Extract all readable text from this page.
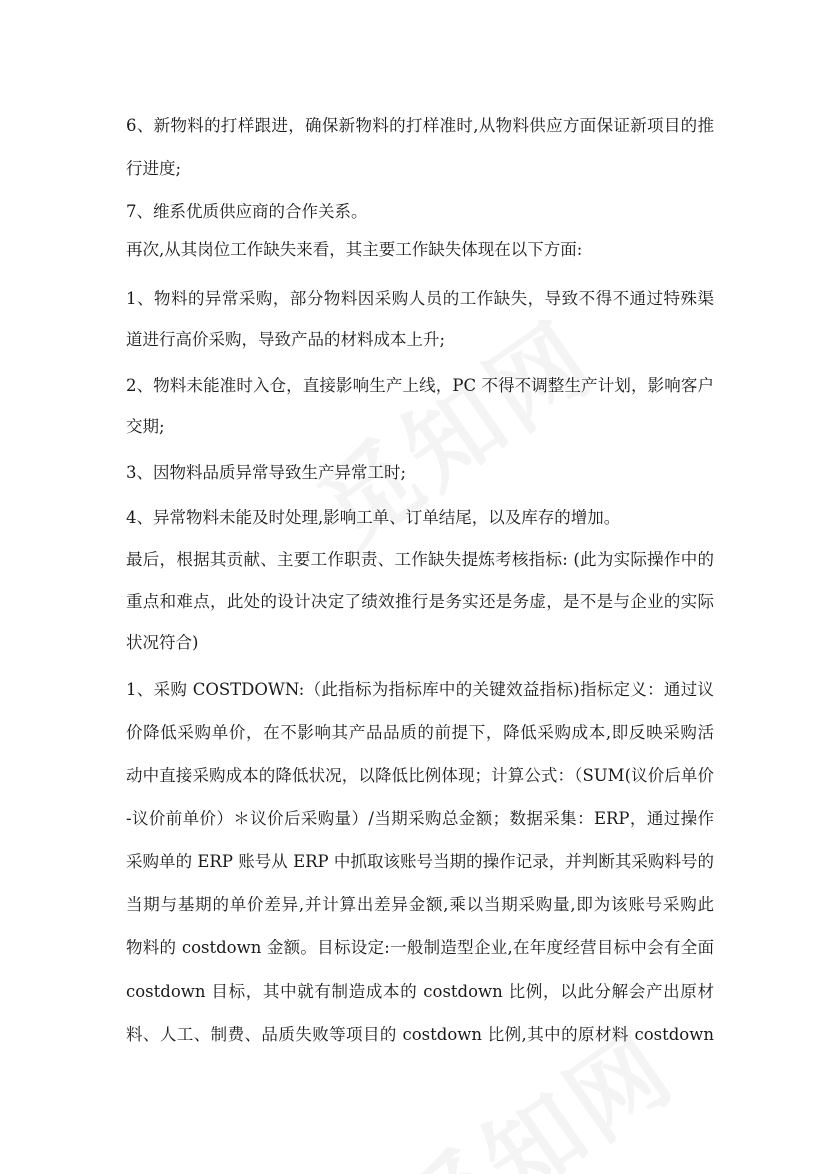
6、新物料的打样跟进，确保新物料的打样准时,从物料供应方面保证新项目的推
行进度;
7、维系优质供应商的合作关系。
再次,从其岗位工作缺失来看，其主要工作缺失体现在以下方面:
1、物料的异常采购，部分物料因采购人员的工作缺失，导致不得不通过特殊渠
道进行高价采购，导致产品的材料成本上升;
2、物料未能准时入仓，直接影响生产上线，PC 不得不调整生产计划，影响客户
交期;
3、因物料品质异常导致生产异常工时;
4、异常物料未能及时处理,影响工单、订单结尾，以及库存的增加。
最后，根据其贡献、主要工作职责、工作缺失提炼考核指标: (此为实际操作中的
重点和难点，此处的设计决定了绩效推行是务实还是务虚，是不是与企业的实际
状况符合)
1、采购 COSTDOWN:（此指标为指标库中的关键效益指标)指标定义：通过议
价降低采购单价，在不影响其产品品质的前提下，降低采购成本,即反映采购活
动中直接采购成本的降低状况，以降低比例体现；计算公式：（SUM(议价后单价
-议价前单价）＊议价后采购量）/当期采购总金额；数据采集：ERP，通过操作
采购单的 ERP 账号从 ERP 中抓取该账号当期的操作记录，并判断其采购料号的
当期与基期的单价差异,并计算出差异金额,乘以当期采购量,即为该账号采购此
物料的 costdown 金额。目标设定:一般制造型企业,在年度经营目标中会有全面
costdown 目标，其中就有制造成本的 costdown 比例，以此分解会产出原材
料、人工、制费、品质失败等项目的 costdown 比例,其中的原材料 costdown
